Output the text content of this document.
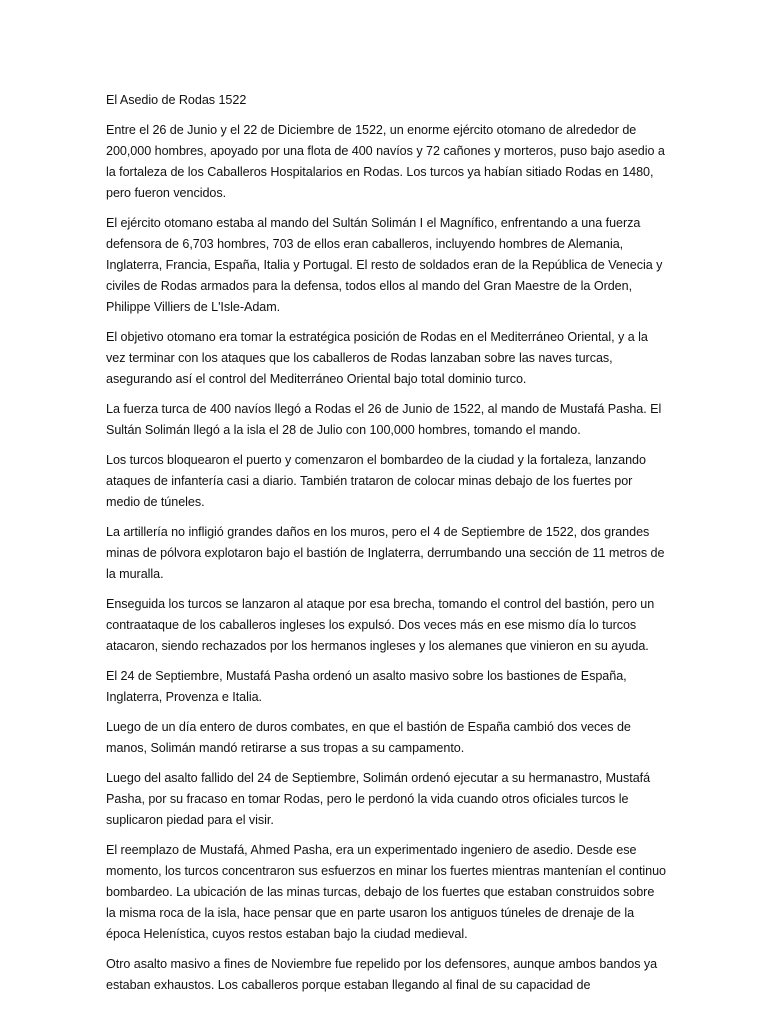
El Asedio de Rodas 1522

Entre el 26 de Junio y el 22 de Diciembre de 1522, un enorme ejército otomano de alrededor de 200,000 hombres, apoyado por una flota de 400 navíos y 72 cañones y morteros, puso bajo asedio a la fortaleza de los Caballeros Hospitalarios en Rodas. Los turcos ya habían sitiado Rodas en 1480, pero fueron vencidos.

El ejército otomano estaba al mando del Sultán Solimán I el Magnífico, enfrentando a una fuerza defensora de 6,703 hombres, 703 de ellos eran caballeros, incluyendo hombres de Alemania, Inglaterra, Francia, España, Italia y Portugal. El resto de soldados eran de la República de Venecia y civiles de Rodas armados para la defensa, todos ellos al mando del Gran Maestre de la Orden, Philippe Villiers de L'Isle-Adam.

El objetivo otomano era tomar la estratégica posición de Rodas en el Mediterráneo Oriental, y a la vez terminar con los ataques que los caballeros de Rodas lanzaban sobre las naves turcas, asegurando así el control del Mediterráneo Oriental bajo total dominio turco.

La fuerza turca de 400 navíos llegó a Rodas el 26 de Junio de 1522, al mando de Mustafá Pasha. El Sultán Solimán llegó a la isla el 28 de Julio con 100,000 hombres, tomando el mando.

Los turcos bloquearon el puerto y comenzaron el bombardeo de la ciudad y la fortaleza, lanzando ataques de infantería casi a diario. También trataron de colocar minas debajo de los fuertes por medio de túneles.

La artillería no infligió grandes daños en los muros, pero el 4 de Septiembre de 1522, dos grandes minas de pólvora explotaron bajo el bastión de Inglaterra, derrumbando una sección de 11 metros de la muralla.

Enseguida los turcos se lanzaron al ataque por esa brecha, tomando el control del bastión, pero un contraataque de los caballeros ingleses los expulsó. Dos veces más en ese mismo día lo turcos atacaron, siendo rechazados por los hermanos ingleses y los alemanes que vinieron en su ayuda.

El 24 de Septiembre, Mustafá Pasha ordenó un asalto masivo sobre los bastiones de España, Inglaterra, Provenza e Italia.

Luego de un día entero de duros combates, en que el bastión de España cambió dos veces de manos, Solimán mandó retirarse a sus tropas a su campamento.

Luego del asalto fallido del 24 de Septiembre, Solimán ordenó ejecutar a su hermanastro, Mustafá Pasha, por su fracaso en tomar Rodas, pero le perdonó la vida cuando otros oficiales turcos le suplicaron piedad para el visir.

El reemplazo de Mustafá, Ahmed Pasha, era un experimentado ingeniero de asedio. Desde ese momento, los turcos concentraron sus esfuerzos en minar los fuertes mientras mantenían el continuo bombardeo. La ubicación de las minas turcas, debajo de los fuertes que estaban construidos sobre la misma roca de la isla, hace pensar que en parte usaron los antiguos túneles de drenaje de la época Helenística, cuyos restos estaban bajo la ciudad medieval.

Otro asalto masivo a fines de Noviembre fue repelido por los defensores, aunque ambos bandos ya estaban exhaustos. Los caballeros porque estaban llegando al final de su capacidad de
